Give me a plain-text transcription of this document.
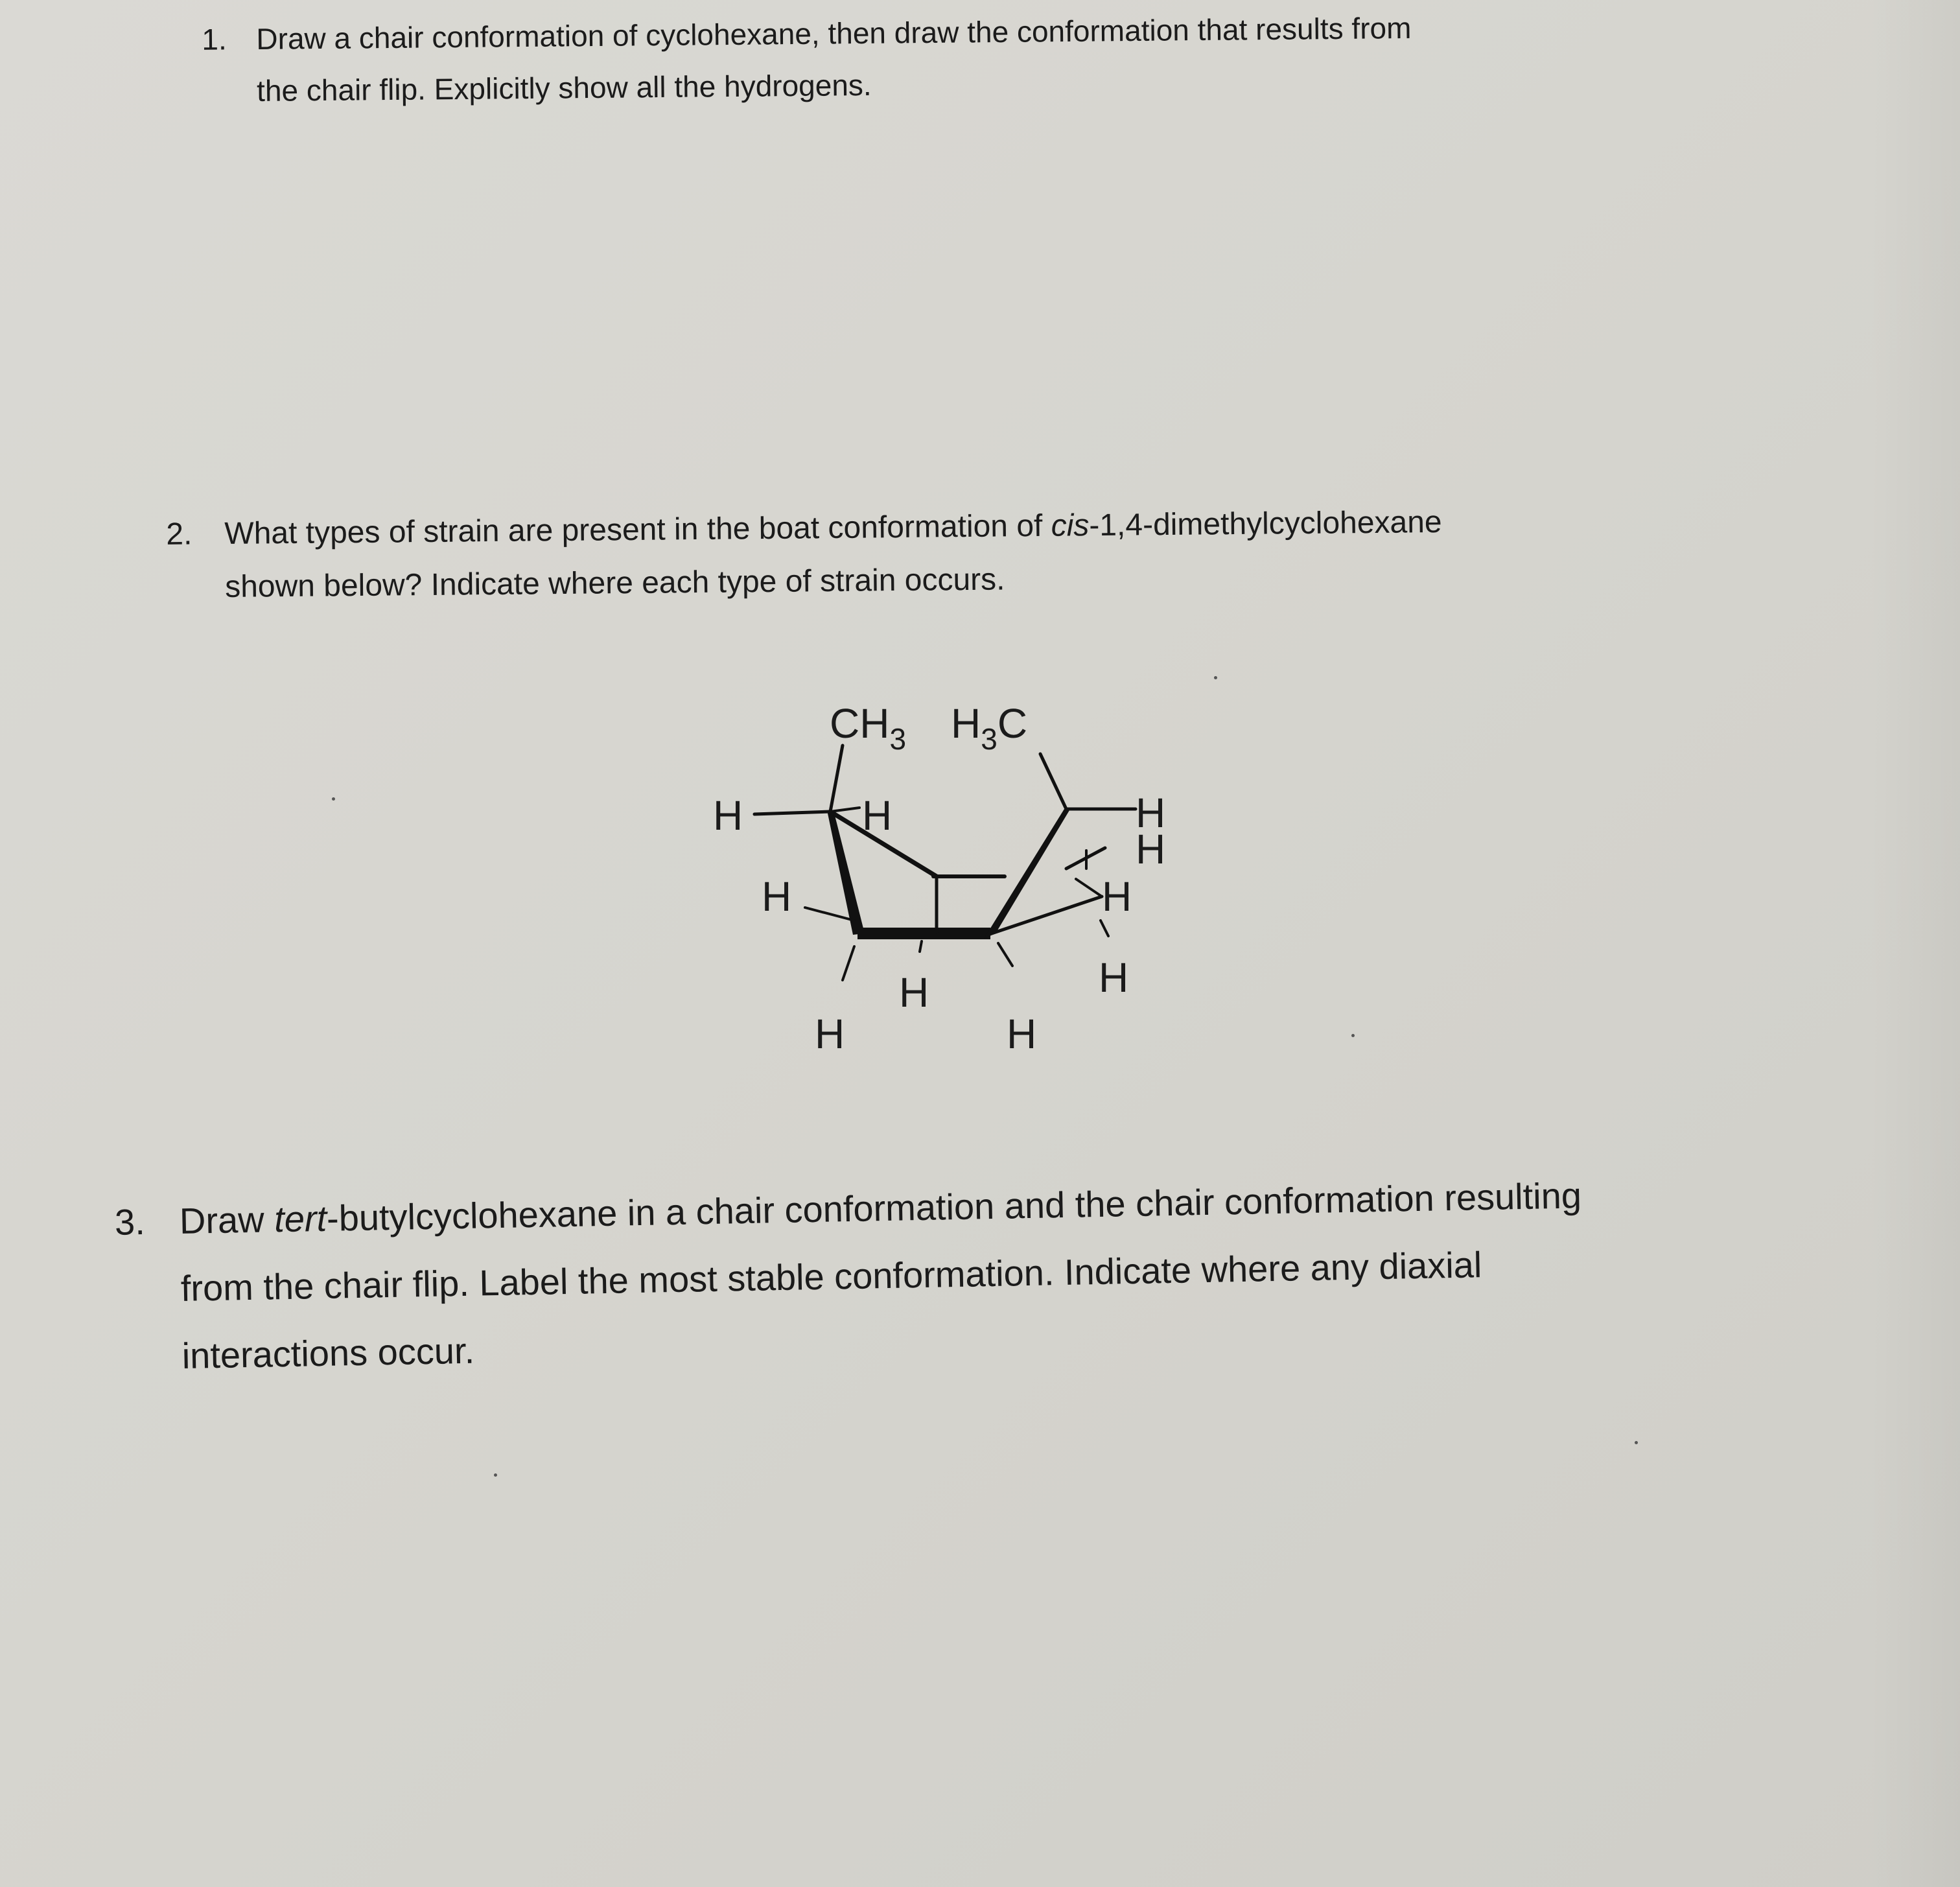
1. Draw a chair conformation of cyclohexane, then draw the conformation that results from
the chair flip. Explicitly show all the hydrogens.
2. What types of strain are present in the boat conformation of cis-1,4-dimethylcyclohexane
shown below? Indicate where each type of strain occurs.
3. Draw tert-butylcyclohexane in a chair conformation and the chair conformation resulting
from the chair flip. Label the most stable conformation. Indicate where any diaxial
interactions occur.
$CH_3$ $H_3C$
H	H
H
H
H	H
H
H
H
H
